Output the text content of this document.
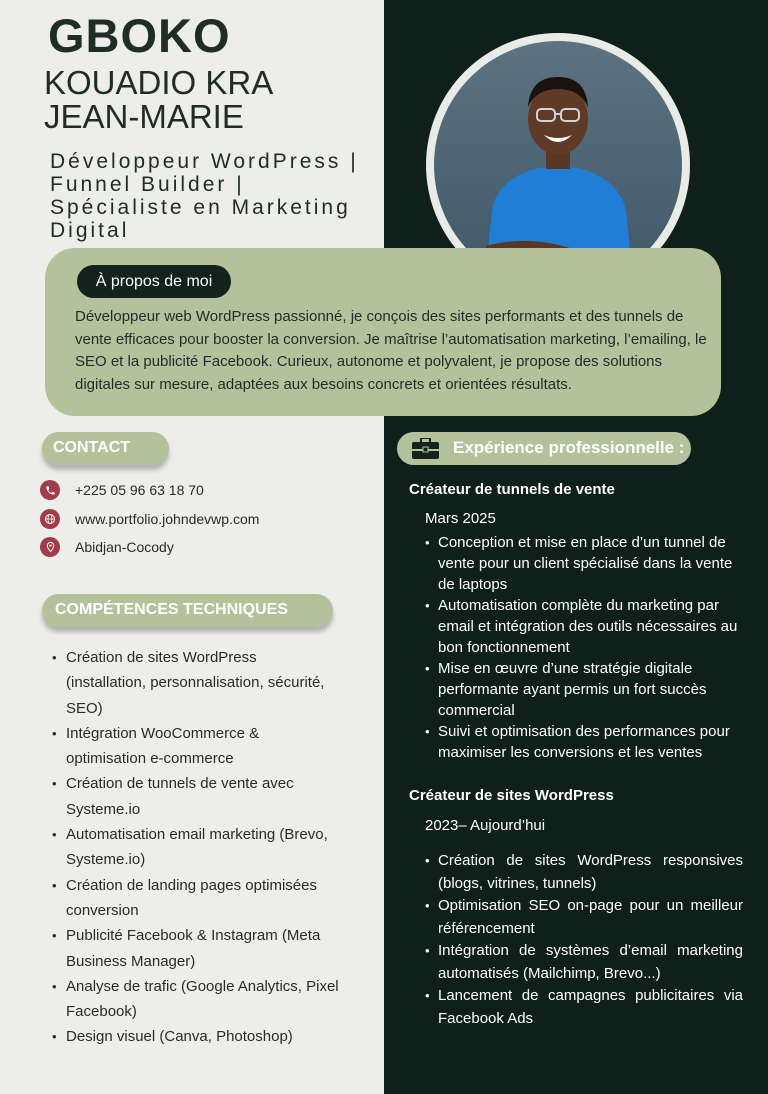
GBOKO
KOUADIO KRA JEAN-MARIE
Développeur WordPress | Funnel Builder | Spécialiste en Marketing Digital
À propos de moi
Développeur web WordPress passionné, je conçois des sites performants et des tunnels de vente efficaces pour booster la conversion. Je maîtrise l’automatisation marketing, l’emailing, le SEO et la publicité Facebook. Curieux, autonome et polyvalent, je propose des solutions digitales sur mesure, adaptées aux besoins concrets et orientées résultats.
CONTACT
+225 05 96 63 18 70
www.portfolio.johndevwp.com
Abidjan-Cocody
COMPÉTENCES TECHNIQUES
• Création de sites WordPress (installation, personnalisation, sécurité, SEO)
• Intégration WooCommerce & optimisation e-commerce
• Création de tunnels de vente avec Systeme.io
• Automatisation email marketing (Brevo, Systeme.io)
• Création de landing pages optimisées conversion
• Publicité Facebook & Instagram (Meta Business Manager)
• Analyse de trafic (Google Analytics, Pixel Facebook)
• Design visuel (Canva, Photoshop)
Expérience professionnelle :
Créateur de tunnels de vente
Mars 2025
• Conception et mise en place d’un tunnel de vente pour un client spécialisé dans la vente de laptops
• Automatisation complète du marketing par email et intégration des outils nécessaires au bon fonctionnement
• Mise en œuvre d’une stratégie digitale performante ayant permis un fort succès commercial
• Suivi et optimisation des performances pour maximiser les conversions et les ventes
Créateur de sites WordPress
2023– Aujourd’hui
• Création de sites WordPress responsives (blogs, vitrines, tunnels)
• Optimisation SEO on-page pour un meilleur référencement
• Intégration de systèmes d’email marketing automatisés (Mailchimp, Brevo...)
• Lancement de campagnes publicitaires via Facebook Ads
